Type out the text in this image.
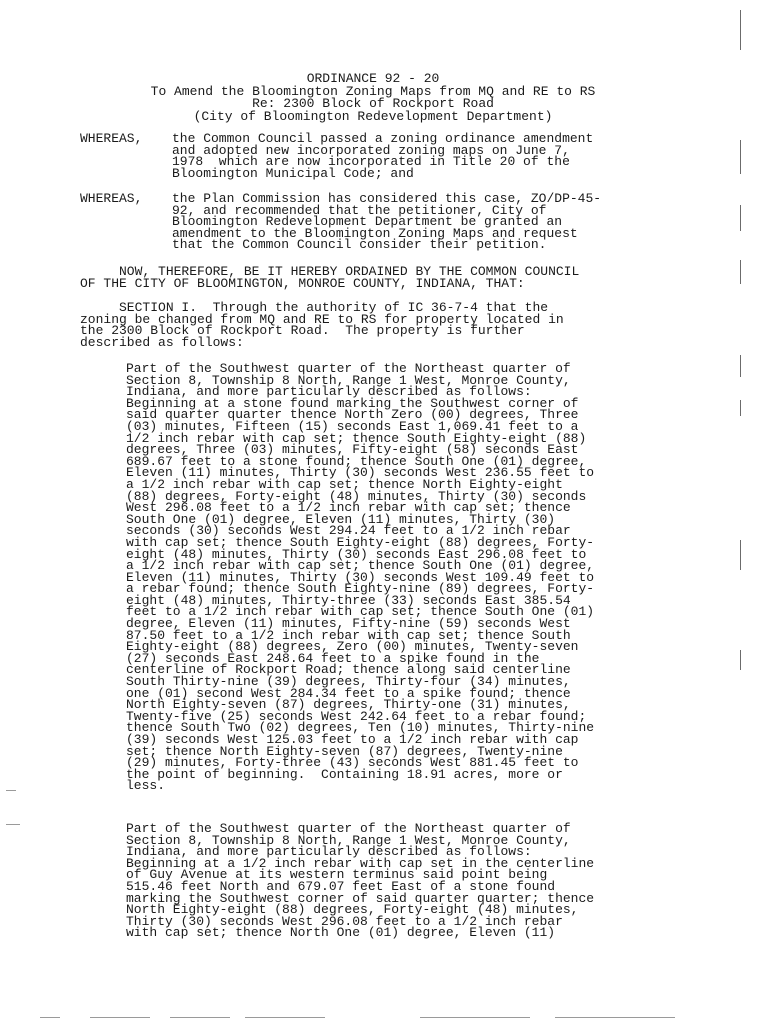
ORDINANCE 92 - 20
To Amend the Bloomington Zoning Maps from MQ and RE to RS
Re: 2300 Block of Rockport Road
(City of Bloomington Redevelopment Department)
WHEREAS, the Common Council passed a zoning ordinance amendment
and adopted new incorporated zoning maps on June 7,
1978  which are now incorporated in Title 20 of the
Bloomington Municipal Code; and
WHEREAS, the Plan Commission has considered this case, ZO/DP-45-
92, and recommended that the petitioner, City of
Bloomington Redevelopment Department be granted an
amendment to the Bloomington Zoning Maps and request
that the Common Council consider their petition.
NOW, THEREFORE, BE IT HEREBY ORDAINED BY THE COMMON COUNCIL
OF THE CITY OF BLOOMINGTON, MONROE COUNTY, INDIANA, THAT:
SECTION I.  Through the authority of IC 36-7-4 that the
zoning be changed from MQ and RE to RS for property located in
the 2300 Block of Rockport Road.  The property is further
described as follows:
Part of the Southwest quarter of the Northeast quarter of
Section 8, Township 8 North, Range 1 West, Monroe County,
Indiana, and more particularly described as follows:
Beginning at a stone found marking the Southwest corner of
said quarter quarter thence North Zero (00) degrees, Three
(03) minutes, Fifteen (15) seconds East 1,069.41 feet to a
1/2 inch rebar with cap set; thence South Eighty-eight (88)
degrees, Three (03) minutes, Fifty-eight (58) seconds East
689.67 feet to a stone found; thence South One (01) degree,
Eleven (11) minutes, Thirty (30) seconds West 236.55 feet to
a 1/2 inch rebar with cap set; thence North Eighty-eight
(88) degrees, Forty-eight (48) minutes, Thirty (30) seconds
West 296.08 feet to a 1/2 inch rebar with cap set; thence
South One (01) degree, Eleven (11) minutes, Thirty (30)
seconds (30) seconds West 294.24 feet to a 1/2 inch rebar
with cap set; thence South Eighty-eight (88) degrees, Forty-
eight (48) minutes, Thirty (30) seconds East 296.08 feet to
a 1/2 inch rebar with cap set; thence South One (01) degree,
Eleven (11) minutes, Thirty (30) seconds West 109.49 feet to
a rebar found; thence South Eighty-nine (89) degrees, Forty-
eight (48) minutes, Thirty-three (33) seconds East 385.54
feet to a 1/2 inch rebar with cap set; thence South One (01)
degree, Eleven (11) minutes, Fifty-nine (59) seconds West
87.50 feet to a 1/2 inch rebar with cap set; thence South
Eighty-eight (88) degrees, Zero (00) minutes, Twenty-seven
(27) seconds East 248.64 feet to a spike found in the
centerline of Rockport Road; thence along said centerline
South Thirty-nine (39) degrees, Thirty-four (34) minutes,
one (01) second West 284.34 feet to a spike found; thence
North Eighty-seven (87) degrees, Thirty-one (31) minutes,
Twenty-five (25) seconds West 242.64 feet to a rebar found;
thence South Two (02) degrees, Ten (10) minutes, Thirty-nine
(39) seconds West 125.03 feet to a 1/2 inch rebar with cap
set; thence North Eighty-seven (87) degrees, Twenty-nine
(29) minutes, Forty-three (43) seconds West 881.45 feet to
the point of beginning.  Containing 18.91 acres, more or
less.
Part of the Southwest quarter of the Northeast quarter of
Section 8, Township 8 North, Range 1 West, Monroe County,
Indiana, and more particularly described as follows:
Beginning at a 1/2 inch rebar with cap set in the centerline
of Guy Avenue at its western terminus said point being
515.46 feet North and 679.07 feet East of a stone found
marking the Southwest corner of said quarter quarter; thence
North Eighty-eight (88) degrees, Forty-eight (48) minutes,
Thirty (30) seconds West 296.08 feet to a 1/2 inch rebar
with cap set; thence North One (01) degree, Eleven (11)
